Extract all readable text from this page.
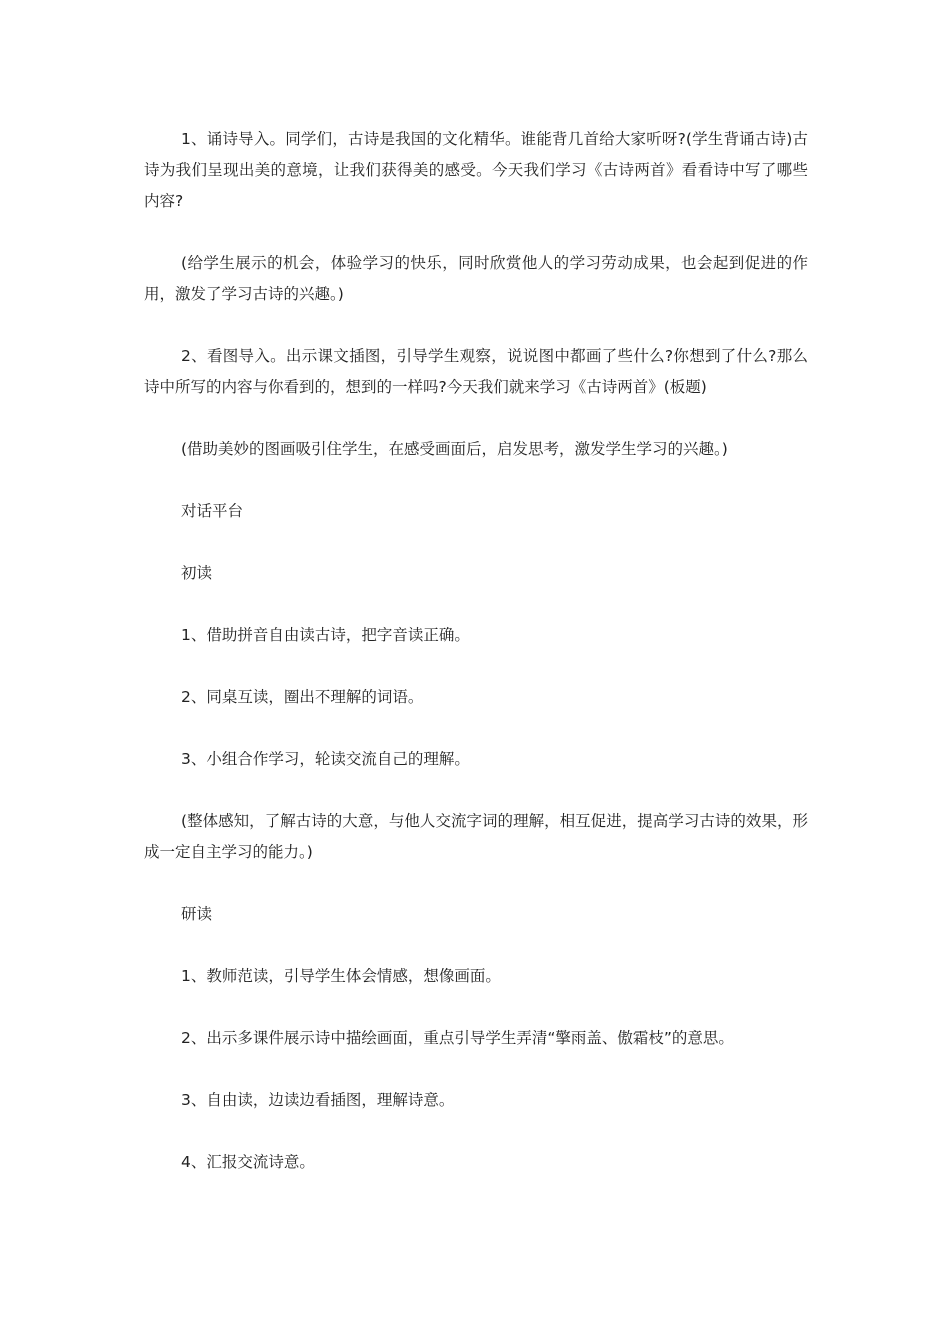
1、诵诗导入。同学们，古诗是我国的文化精华。谁能背几首给大家听呀?(学生背诵古诗)古诗为我们呈现出美的意境，让我们获得美的感受。今天我们学习《古诗两首》看看诗中写了哪些内容?

(给学生展示的机会，体验学习的快乐，同时欣赏他人的学习劳动成果，也会起到促进的作用，激发了学习古诗的兴趣。)

2、看图导入。出示课文插图，引导学生观察，说说图中都画了些什么?你想到了什么?那么诗中所写的内容与你看到的，想到的一样吗?今天我们就来学习《古诗两首》(板题)

(借助美妙的图画吸引住学生，在感受画面后，启发思考，激发学生学习的兴趣。)

对话平台

初读

1、借助拼音自由读古诗，把字音读正确。

2、同桌互读，圈出不理解的词语。

3、小组合作学习，轮读交流自己的理解。

(整体感知，了解古诗的大意，与他人交流字词的理解，相互促进，提高学习古诗的效果，形成一定自主学习的能力。)

研读

1、教师范读，引导学生体会情感，想像画面。

2、出示多课件展示诗中描绘画面，重点引导学生弄清“擎雨盖、傲霜枝”的意思。

3、自由读，边读边看插图，理解诗意。

4、汇报交流诗意。
